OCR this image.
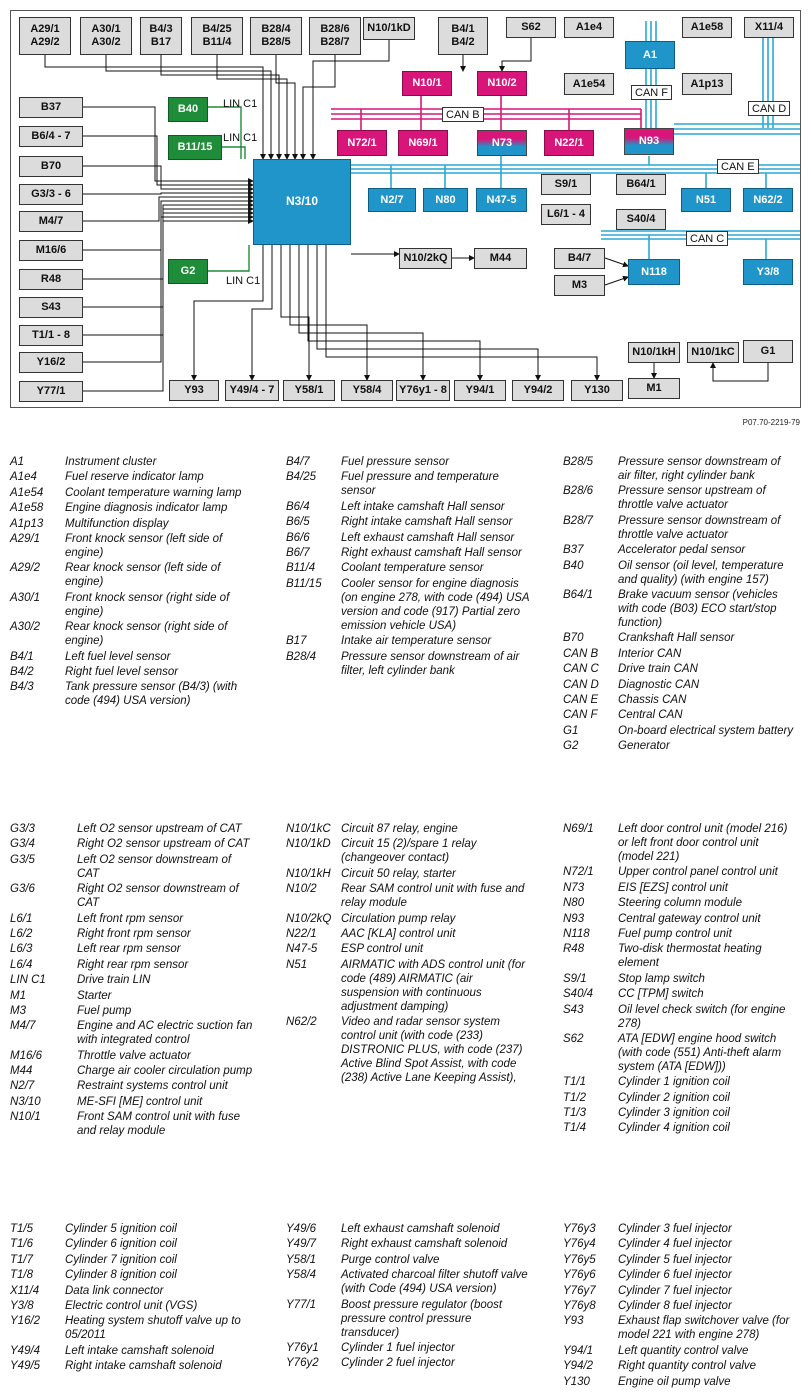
A29/1
A29/2
A30/1
A30/2
B4/3
B17
B4/25
B11/4
B28/4
B28/5
B28/6
B28/7
N10/1kD	B4/1
B4/2
S62	A1e4
A1
A1e58	X11/4
N10/1	N10/2	A1e54	A1p13
B37	B40
B6/4 - 7
B11/15	N72/1	N69/1	N73	N22/1	N93
B70
N3/10
G3/3 - 6	N2/7	N80	N47-5
S9/1	B64/1
N51	N62/2
M4/7
L6/1 - 4	S40/4
M16/6
N10/2kQ	M44	B4/7
N118	Y3/8
G2
R48	M3
S43
T1/1 - 8
N10/1kH N10/1kC G1
Y16/2
M1
Y77/1	Y93 Y49/4 - 7 Y58/1	Y58/4 Y76y1 - 8 Y94/1	Y94/2	Y130
CAN B
CAN F
CAN D
CAN E
CAN C
LIN C1
LIN C1
LIN C1
P07.70-2219-79
A1	Instrument cluster
A1e4	Fuel reserve indicator lamp
A1e54	Coolant temperature warning lamp
A1e58	Engine diagnosis indicator lamp
A1p13	Multifunction display
A29/1	Front knock sensor (left side of engine)
A29/2	Rear knock sensor (left side of engine)
A30/1	Front knock sensor (right side of engine)
A30/2	Rear knock sensor (right side of engine)
B4/1	Left fuel level sensor
B4/2	Right fuel level sensor
B4/3	Tank pressure sensor (B4/3) (with code (494) USA version)
B4/7	Fuel pressure sensor
B4/25	Fuel pressure and temperature sensor
B6/4	Left intake camshaft Hall sensor
B6/5	Right intake camshaft Hall sensor
B6/6	Left exhaust camshaft Hall sensor
B6/7	Right exhaust camshaft Hall sensor
B11/4	Coolant temperature sensor
B11/15	Cooler sensor for engine diagnosis (on engine 278, with code (494) USA version and code (917) Partial zero emission vehicle USA)
B17	Intake air temperature sensor
B28/4	Pressure sensor downstream of air filter, left cylinder bank
B28/5	Pressure sensor downstream of air filter, right cylinder bank
B28/6	Pressure sensor upstream of throttle valve actuator
B28/7	Pressure sensor downstream of throttle valve actuator
B37	Accelerator pedal sensor
B40	Oil sensor (oil level, temperature and quality) (with engine 157)
B64/1	Brake vacuum sensor (vehicles with code (B03) ECO start/stop function)
B70	Crankshaft Hall sensor
CAN B	Interior CAN
CAN C	Drive train CAN
CAN D	Diagnostic CAN
CAN E	Chassis CAN
CAN F	Central CAN
G1	On-board electrical system battery
G2	Generator
G3/3	Left O2 sensor upstream of CAT
G3/4	Right O2 sensor upstream of CAT
G3/5	Left O2 sensor downstream of CAT
G3/6	Right O2 sensor downstream of CAT
L6/1	Left front rpm sensor
L6/2	Right front rpm sensor
L6/3	Left rear rpm sensor
L6/4	Right rear rpm sensor
LIN C1	Drive train LIN
M1	Starter
M3	Fuel pump
M4/7	Engine and AC electric suction fan with integrated control
M16/6	Throttle valve actuator
M44	Charge air cooler circulation pump
N2/7	Restraint systems control unit
N3/10	ME-SFI [ME] control unit
N10/1	Front SAM control unit with fuse and relay module
N10/1kC Circuit 87 relay, engine
N10/1kD Circuit 15 (2)/spare 1 relay (changeover contact)
N10/1kH Circuit 50 relay, starter
N10/2	Rear SAM control unit with fuse and relay module
N10/2kQ Circulation pump relay
N22/1	AAC [KLA] control unit
N47-5	ESP control unit
N51	AIRMATIC with ADS control unit (for code (489) AIRMATIC (air suspension with continuous adjustment damping)
N62/2	Video and radar sensor system control unit (with code (233) DISTRONIC PLUS, with code (237) Active Blind Spot Assist, with code (238) Active Lane Keeping Assist),
N69/1	Left door control unit (model 216) or left front door control unit (model 221)
N72/1	Upper control panel control unit
N73	EIS [EZS] control unit
N80	Steering column module
N93	Central gateway control unit
N118	Fuel pump control unit
R48	Two-disk thermostat heating element
S9/1	Stop lamp switch
S40/4	CC [TPM] switch
S43	Oil level check switch (for engine 278)
S62	ATA [EDW] engine hood switch (with code (551) Anti-theft alarm system (ATA [EDW]))
T1/1	Cylinder 1 ignition coil
T1/2	Cylinder 2 ignition coil
T1/3	Cylinder 3 ignition coil
T1/4	Cylinder 4 ignition coil
T1/5	Cylinder 5 ignition coil
T1/6	Cylinder 6 ignition coil
T1/7	Cylinder 7 ignition coil
T1/8	Cylinder 8 ignition coil
X11/4	Data link connector
Y3/8	Electric control unit (VGS)
Y16/2	Heating system shutoff valve up to 05/2011
Y49/4	Left intake camshaft solenoid
Y49/5	Right intake camshaft solenoid
Y49/6	Left exhaust camshaft solenoid
Y49/7	Right exhaust camshaft solenoid
Y58/1	Purge control valve
Y58/4	Activated charcoal filter shutoff valve (with Code (494) USA version)
Y77/1	Boost pressure regulator (boost pressure control pressure transducer)
Y76y1	Cylinder 1 fuel injector
Y76y2	Cylinder 2 fuel injector
Y76y3	Cylinder 3 fuel injector
Y76y4	Cylinder 4 fuel injector
Y76y5	Cylinder 5 fuel injector
Y76y6	Cylinder 6 fuel injector
Y76y7	Cylinder 7 fuel injector
Y76y8	Cylinder 8 fuel injector
Y93	Exhaust flap switchover valve (for model 221 with engine 278)
Y94/1	Left quantity control valve
Y94/2	Right quantity control valve
Y130	Engine oil pump valve
